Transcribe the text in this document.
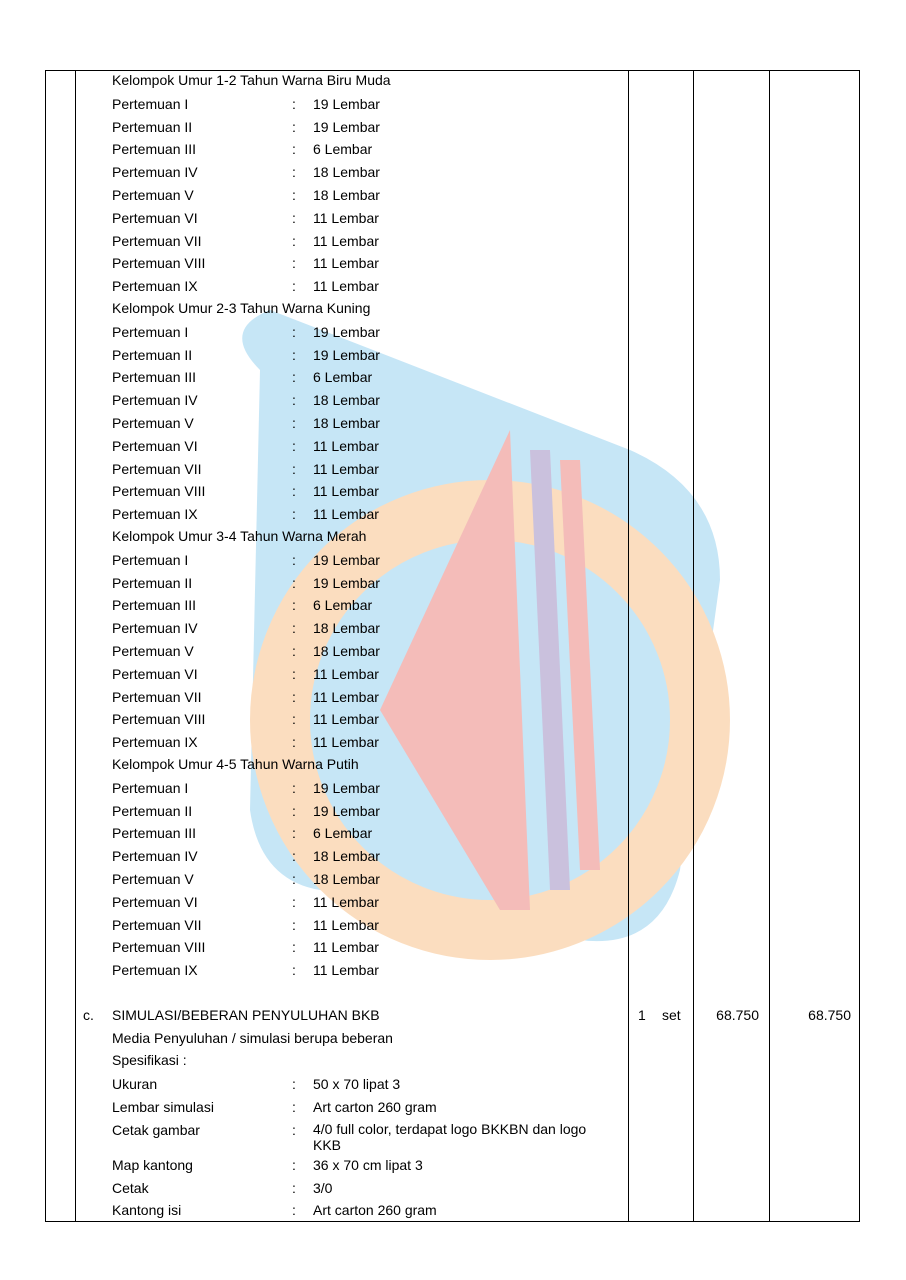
Kelompok Umur 1-2 Tahun Warna Biru Muda
Pertemuan I	: 19 Lembar
Pertemuan II	: 19 Lembar
Pertemuan III	: 6 Lembar
Pertemuan IV	: 18 Lembar
Pertemuan V	: 18 Lembar
Pertemuan VI	: 11 Lembar
Pertemuan VII	: 11 Lembar
Pertemuan VIII	: 11 Lembar
Pertemuan IX	: 11 Lembar
Kelompok Umur 2-3 Tahun Warna Kuning
Pertemuan I	: 19 Lembar
Pertemuan II	: 19 Lembar
Pertemuan III	: 6 Lembar
Pertemuan IV	: 18 Lembar
Pertemuan V	: 18 Lembar
Pertemuan VI	: 11 Lembar
Pertemuan VII	: 11 Lembar
Pertemuan VIII	: 11 Lembar
Pertemuan IX	: 11 Lembar
Kelompok Umur 3-4 Tahun Warna Merah
Pertemuan I	: 19 Lembar
Pertemuan II	: 19 Lembar
Pertemuan III	: 6 Lembar
Pertemuan IV	: 18 Lembar
Pertemuan V	: 18 Lembar
Pertemuan VI	: 11 Lembar
Pertemuan VII	: 11 Lembar
Pertemuan VIII	: 11 Lembar
Pertemuan IX	: 11 Lembar
Kelompok Umur 4-5 Tahun Warna Putih
Pertemuan I	: 19 Lembar
Pertemuan II	: 19 Lembar
Pertemuan III	: 6 Lembar
Pertemuan IV	: 18 Lembar
Pertemuan V	: 18 Lembar
Pertemuan VI	: 11 Lembar
Pertemuan VII	: 11 Lembar
Pertemuan VIII	: 11 Lembar
Pertemuan IX	: 11 Lembar
c. SIMULASI/BEBERAN PENYULUHAN BKB	1 set	68.750	68.750
Media Penyuluhan / simulasi berupa beberan
Spesifikasi :
Ukuran	: 50 x 70 lipat 3
Lembar simulasi	: Art carton 260 gram
Cetak gambar	: 4/0 full color, terdapat logo BKKBN dan logo KKB
Map kantong	: 36 x 70 cm lipat 3
Cetak	: 3/0
Kantong isi	: Art carton 260 gram
